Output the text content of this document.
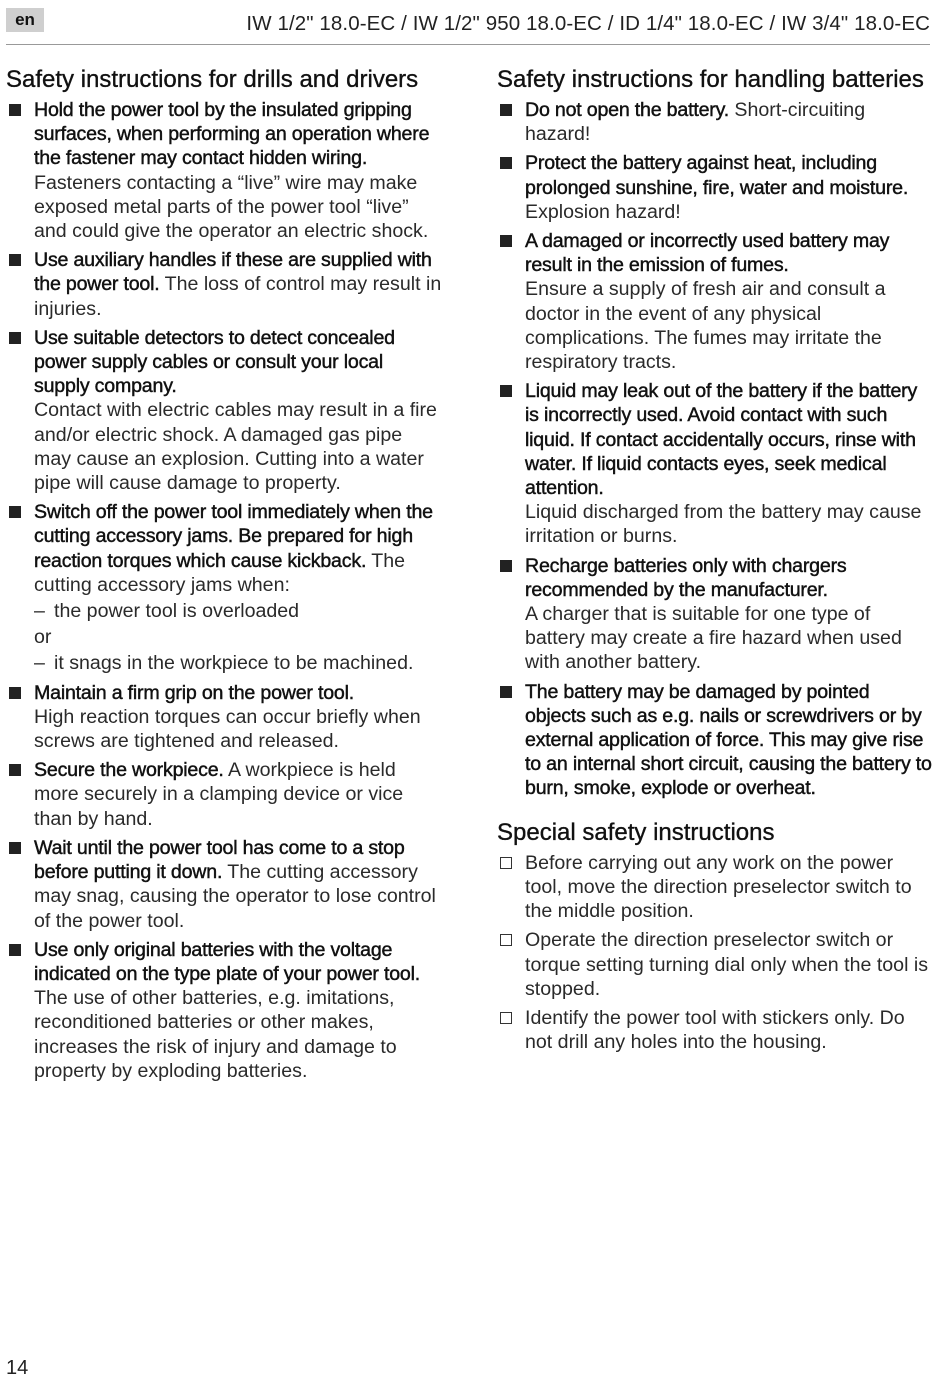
en	IW 1/2" 18.0-EC / IW 1/2" 950 18.0-EC / ID 1/4" 18.0-EC / IW 3/4" 18.0-EC
Safety instructions for drills and drivers
Hold the power tool by the insulated gripping surfaces, when performing an operation where the fastener may contact hidden wiring. Fasteners contacting a “live” wire may make exposed metal parts of the power tool “live” and could give the operator an electric shock.
Use auxiliary handles if these are supplied with the power tool. The loss of control may result in injuries.
Use suitable detectors to detect concealed power supply cables or consult your local supply company.
Contact with electric cables may result in a fire and/or electric shock. A damaged gas pipe may cause an explosion. Cutting into a water pipe will cause damage to property.
Switch off the power tool immediately when the cutting accessory jams. Be prepared for high reaction torques which cause kickback. The cutting accessory jams when:
– the power tool is overloaded
or
– it snags in the workpiece to be machined.
Maintain a firm grip on the power tool.
High reaction torques can occur briefly when screws are tightened and released.
Secure the workpiece. A workpiece is held more securely in a clamping device or vice than by hand.
Wait until the power tool has come to a stop before putting it down. The cutting accessory may snag, causing the operator to lose control of the power tool.
Use only original batteries with the voltage indicated on the type plate of your power tool. The use of other batteries, e.g. imitations, reconditioned batteries or other makes, increases the risk of injury and damage to property by exploding batteries.
Safety instructions for handling batteries
Do not open the battery. Short-circuiting hazard!
Protect the battery against heat, including prolonged sunshine, fire, water and moisture. Explosion hazard!
A damaged or incorrectly used battery may result in the emission of fumes.
Ensure a supply of fresh air and consult a doctor in the event of any physical complications. The fumes may irritate the respiratory tracts.
Liquid may leak out of the battery if the battery is incorrectly used. Avoid contact with such liquid. If contact accidentally occurs, rinse with water. If liquid contacts eyes, seek medical attention.
Liquid discharged from the battery may cause irritation or burns.
Recharge batteries only with chargers recommended by the manufacturer.
A charger that is suitable for one type of battery may create a fire hazard when used with another battery.
The battery may be damaged by pointed objects such as e.g. nails or screwdrivers or by external application of force. This may give rise to an internal short circuit, causing the battery to burn, smoke, explode or overheat.
Special safety instructions
Before carrying out any work on the power tool, move the direction preselector switch to the middle position.
Operate the direction preselector switch or torque setting turning dial only when the tool is stopped.
Identify the power tool with stickers only. Do not drill any holes into the housing.
14
